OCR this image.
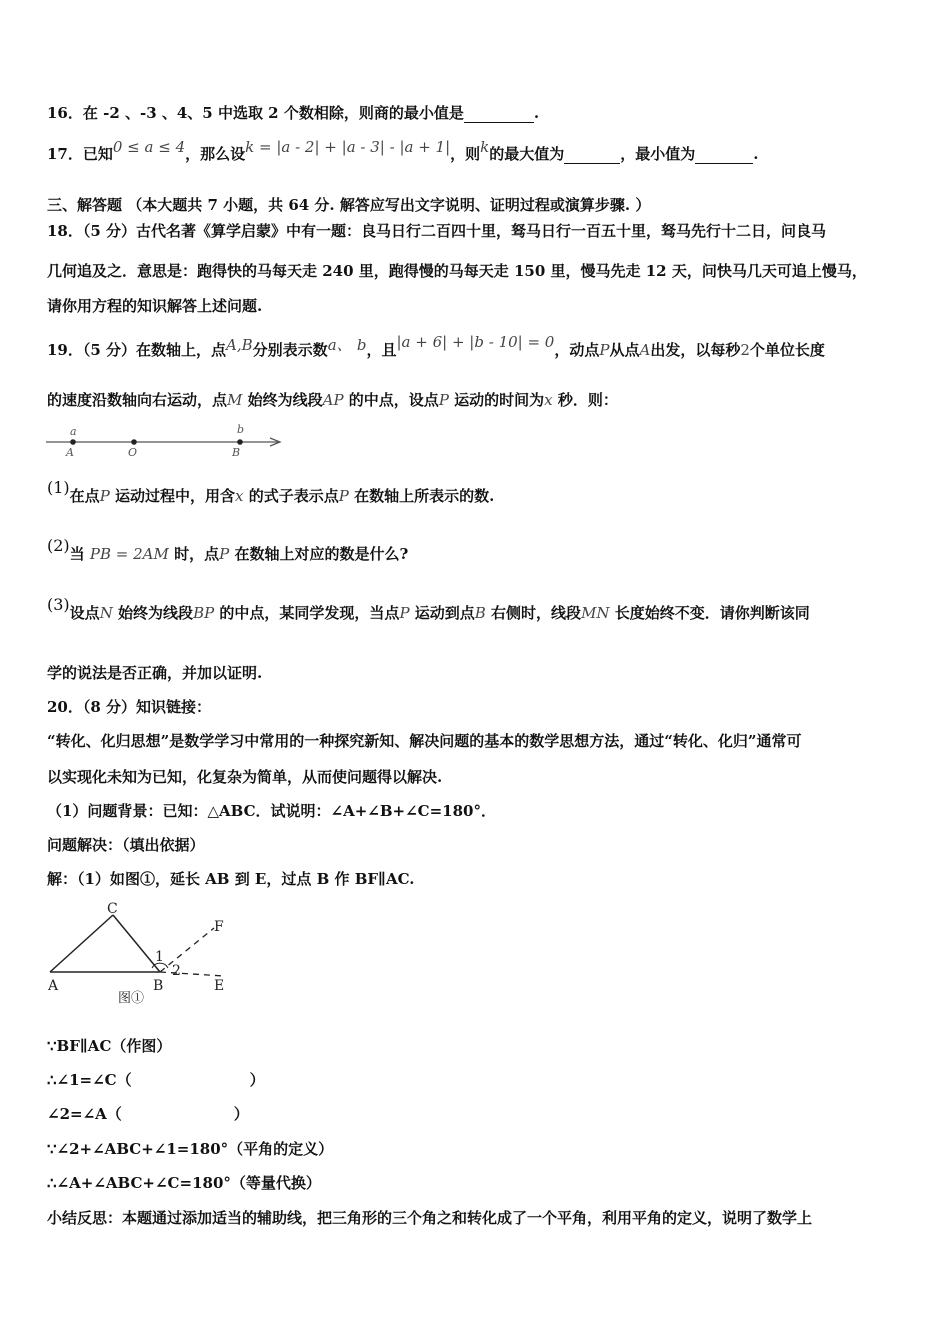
16．在 -2 、-3 、4、5 中选取 2 个数相除，则商的最小值是	.
17．已知0 ≤ a ≤ 4，那么设k = |a - 2| + |a - 3| - |a + 1|，则k的最大值为	，最小值为	.
三、解答题 （本大题共 7 小题，共 64 分. 解答应写出文字说明、证明过程或演算步骤. ）
18．（5 分）古代名著《算学启蒙》中有一题：良马日行二百四十里，驽马日行一百五十里，驽马先行十二日，问良马
几何追及之．意思是：跑得快的马每天走 240 里，跑得慢的马每天走 150 里，慢马先走 12 天，问快马几天可追上慢马，
请你用方程的知识解答上述问题.
19．（5 分）在数轴上，点A,B分别表示数a、 b，且|a + 6| + |b - 10| = 0，动点P从点A出发，以每秒2个单位长度
的速度沿数轴向右运动，点M 始终为线段AP 的中点，设点P 运动的时间为x 秒．则：
a	b
A	O	B
(1)在点P 运动过程中，用含x 的式子表示点P 在数轴上所表示的数.
(2)当 PB = 2AM 时，点P 在数轴上对应的数是什么?
(3)设点N 始终为线段BP 的中点，某同学发现，当点P 运动到点B 右侧时，线段MN 长度始终不变．请你判断该同
学的说法是否正确，并加以证明.
20．（8 分）知识链接：
“转化、化归思想”是数学学习中常用的一种探究新知、解决问题的基本的数学思想方法，通过“转化、化归”通常可
以实现化未知为已知，化复杂为简单，从而使问题得以解决.
（1）问题背景：已知：△ABC．试说明：∠A+∠B+∠C=180°．
问题解决：（填出依据）
解：（1）如图①，延长 AB 到 E，过点 B 作 BF∥AC.
C
F
1
2
A	B	E
图①
∵BF∥AC（作图）
∴∠1=∠C（	）
∠2=∠A（	）
∵∠2+∠ABC+∠1=180°（平角的定义）
∴∠A+∠ABC+∠C=180°（等量代换）
小结反思：本题通过添加适当的辅助线，把三角形的三个角之和转化成了一个平角，利用平角的定义，说明了数学上
